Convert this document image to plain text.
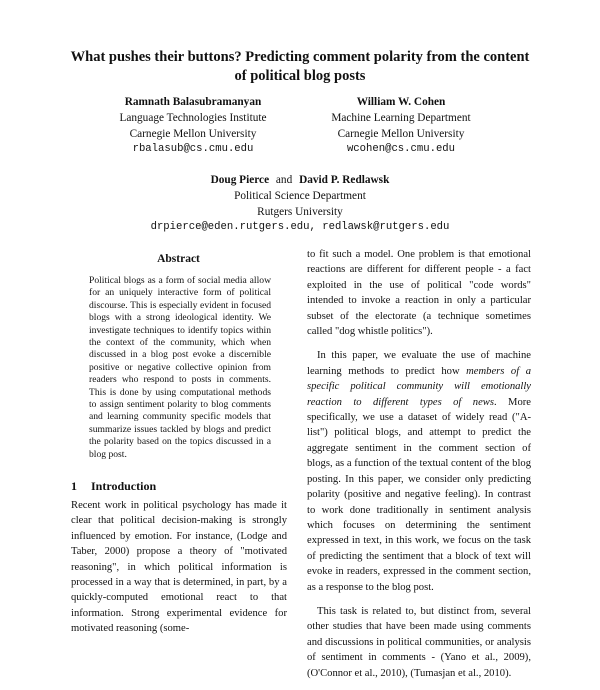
What pushes their buttons? Predicting comment polarity from the content
of political blog posts
Ramnath Balasubramanyan
Language Technologies Institute
Carnegie Mellon University
rbalasub@cs.cmu.edu
William W. Cohen
Machine Learning Department
Carnegie Mellon University
wcohen@cs.cmu.edu
Doug Pierce and David P. Redlawsk
Political Science Department
Rutgers University
drpierce@eden.rutgers.edu, redlawsk@rutgers.edu
Abstract
Political blogs as a form of social media allow for an uniquely interactive form of political discourse. This is especially evident in focused blogs with a strong ideological identity. We investigate techniques to identify topics within the context of the community, which when discussed in a blog post evoke a discernible positive or negative collective opinion from readers who respond to posts in comments. This is done by using computational methods to assign sentiment polarity to blog comments and learning community specific models that summarize issues tackled by blogs and predict the polarity based on the topics discussed in a blog post.
1 Introduction
Recent work in political psychology has made it clear that political decision-making is strongly influenced by emotion. For instance, (Lodge and Taber, 2000) propose a theory of "motivated reasoning", in which political information is processed in a way that is determined, in part, by a quickly-computed emotional react to that information. Strong experimental evidence for motivated reasoning (some-

to fit such a model. One problem is that emotional reactions are different for different people - a fact exploited in the use of political "code words" intended to invoke a reaction in only a particular subset of the electorate (a technique sometimes called "dog whistle politics").

In this paper, we evaluate the use of machine learning methods to predict how members of a specific political community will emotionally reaction to different types of news. More specifically, we use a dataset of widely read ("A-list") political blogs, and attempt to predict the aggregate sentiment in the comment section of blogs, as a function of the textual content of the blog posting. In this paper, we consider only predicting polarity (positive and negative feeling). In contrast to work done traditionally in sentiment analysis which focuses on determining the sentiment expressed in text, in this work, we focus on the task of predicting the sentiment that a block of text will evoke in readers, expressed in the comment section, as a response to the blog post.

This task is related to, but distinct from, several other studies that have been made using comments and discussions in political communities, or analysis of sentiment in comments - (Yano et al., 2009), (O'Connor et al., 2010), (Tumasjan et al., 2010).
